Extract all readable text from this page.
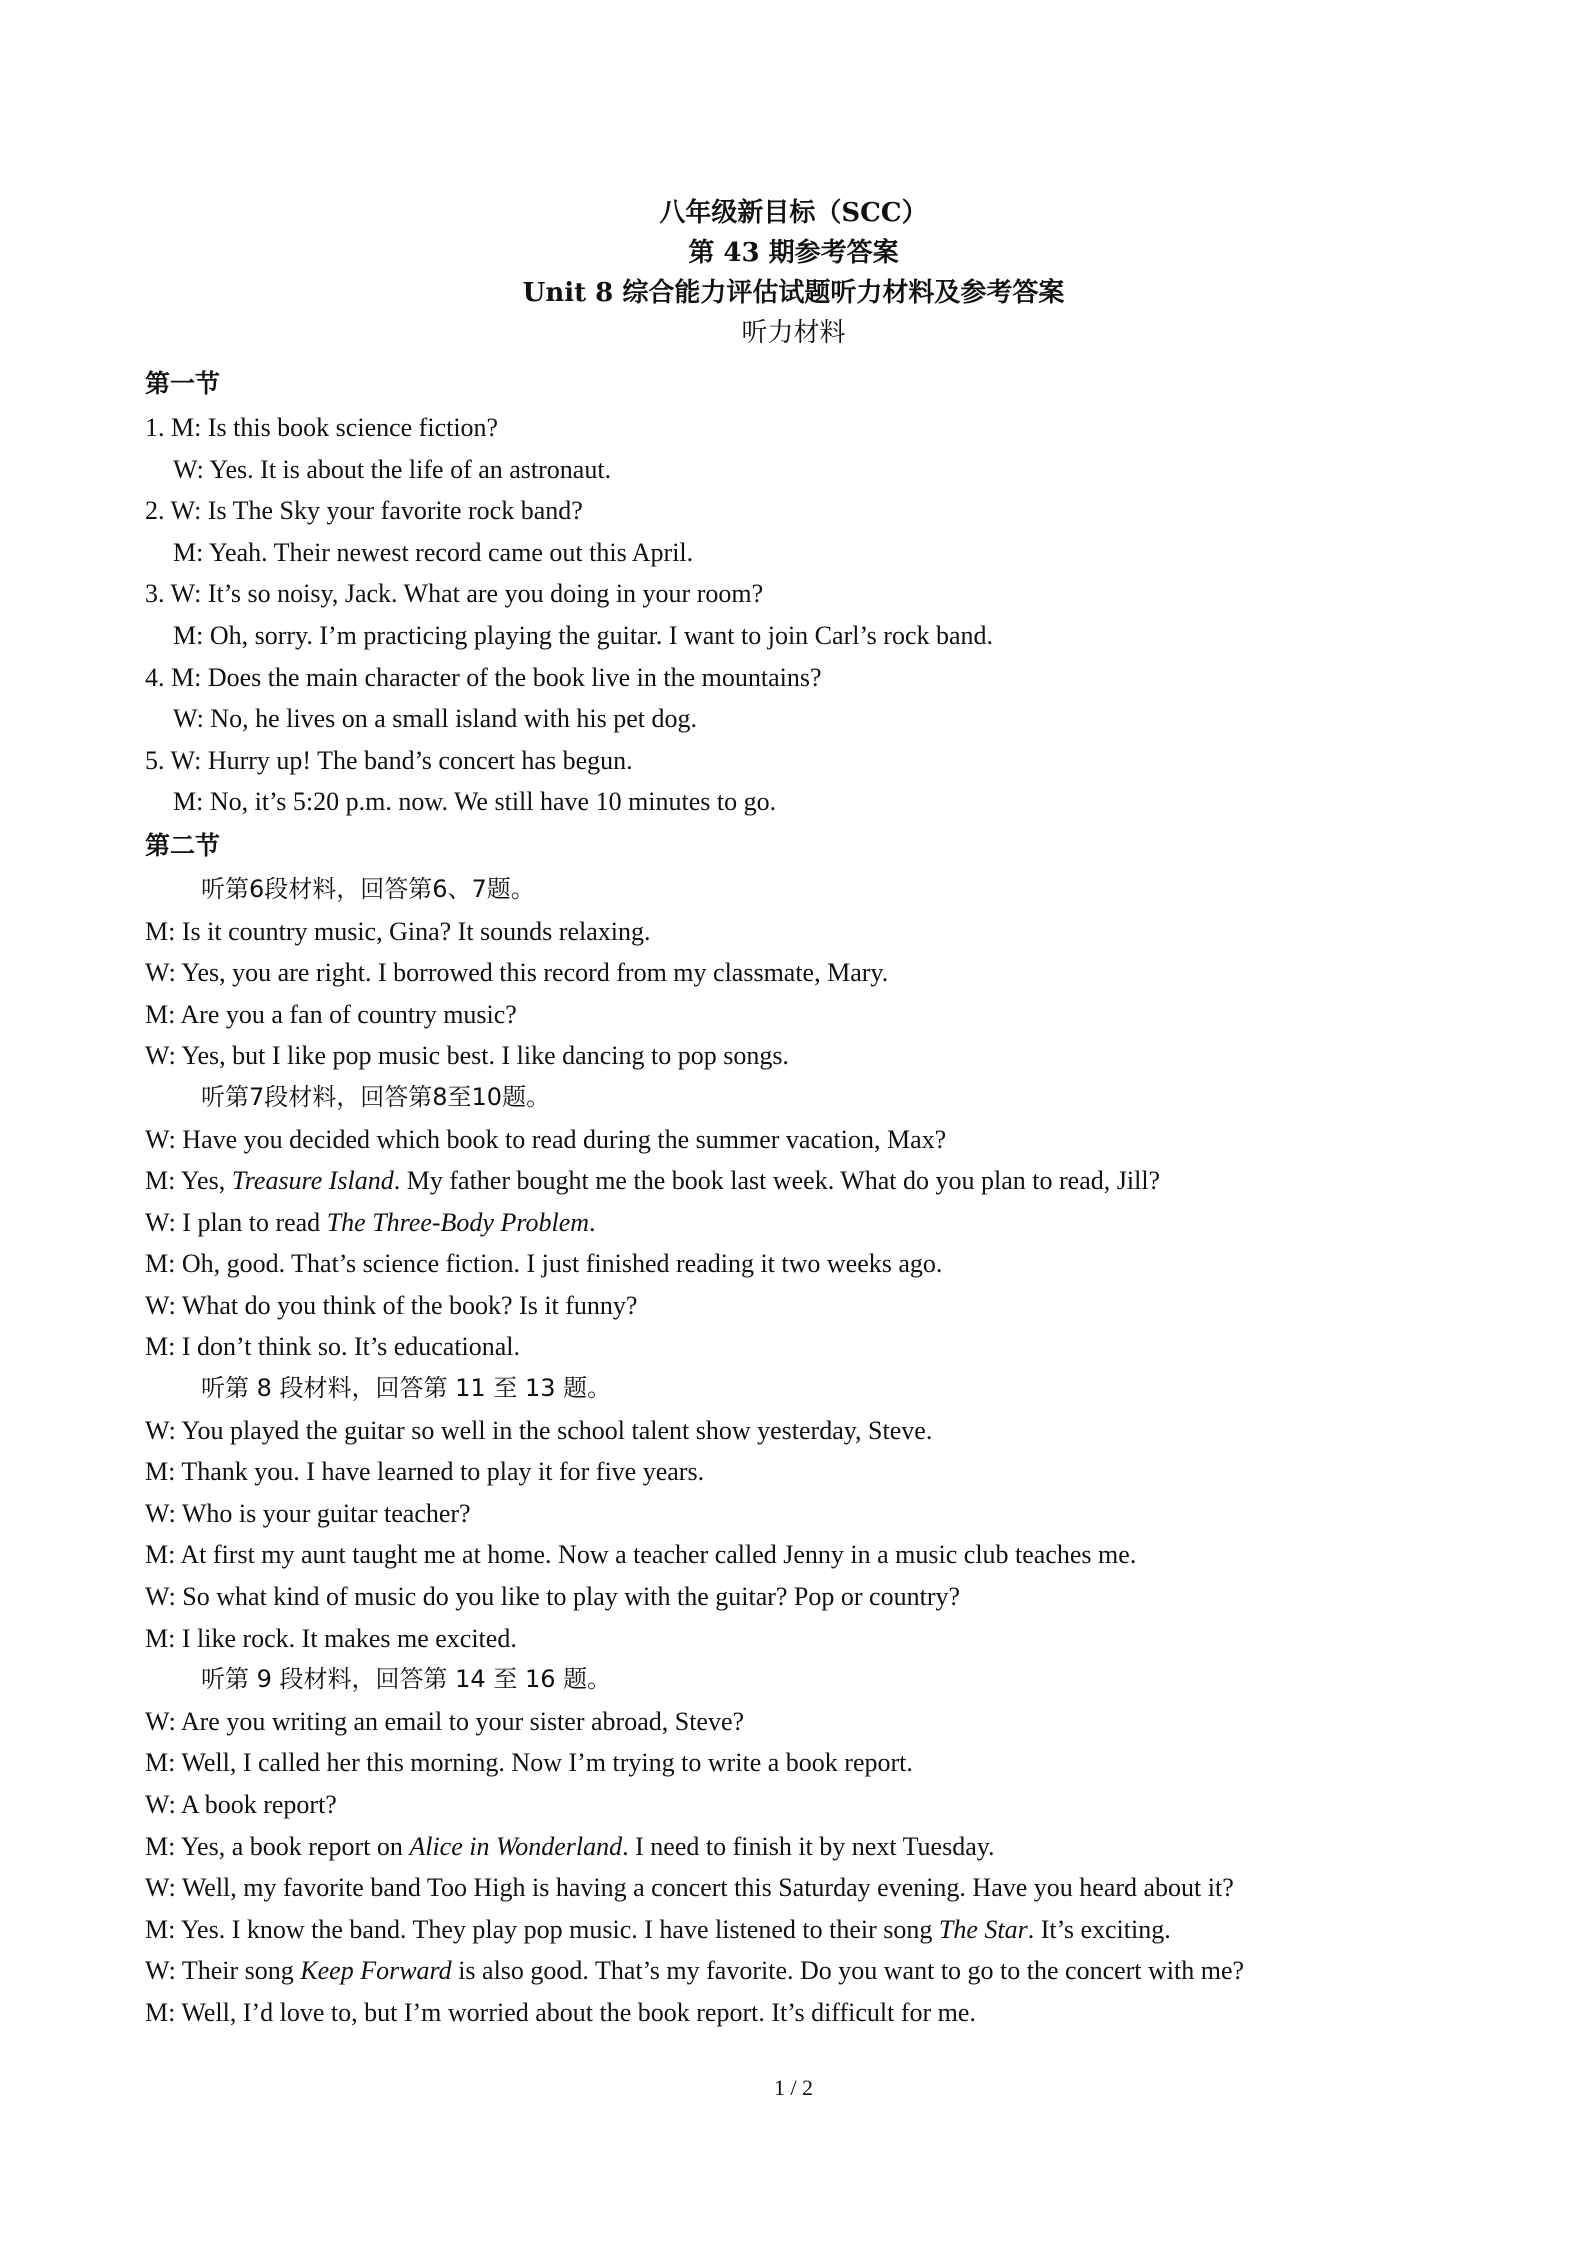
八年级新目标（SCC）
第 43 期参考答案
Unit 8 综合能力评估试题听力材料及参考答案
听力材料
第一节
1. M: Is this book science fiction?
W: Yes. It is about the life of an astronaut.
2. W: Is The Sky your favorite rock band?
M: Yeah. Their newest record came out this April.
3. W: It’s so noisy, Jack. What are you doing in your room?
M: Oh, sorry. I’m practicing playing the guitar. I want to join Carl’s rock band.
4. M: Does the main character of the book live in the mountains?
W: No, he lives on a small island with his pet dog.
5. W: Hurry up! The band’s concert has begun.
M: No, it’s 5:20 p.m. now. We still have 10 minutes to go.
第二节
听第6段材料，回答第6、7题。
M: Is it country music, Gina? It sounds relaxing.
W: Yes, you are right. I borrowed this record from my classmate, Mary.
M: Are you a fan of country music?
W: Yes, but I like pop music best. I like dancing to pop songs.
听第7段材料，回答第8至10题。
W: Have you decided which book to read during the summer vacation, Max?
M: Yes, Treasure Island. My father bought me the book last week. What do you plan to read, Jill?
W: I plan to read The Three-Body Problem.
M: Oh, good. That’s science fiction. I just finished reading it two weeks ago.
W: What do you think of the book? Is it funny?
M: I don’t think so. It’s educational.
听第 8 段材料，回答第 11 至 13 题。
W: You played the guitar so well in the school talent show yesterday, Steve.
M: Thank you. I have learned to play it for five years.
W: Who is your guitar teacher?
M: At first my aunt taught me at home. Now a teacher called Jenny in a music club teaches me.
W: So what kind of music do you like to play with the guitar? Pop or country?
M: I like rock. It makes me excited.
听第 9 段材料，回答第 14 至 16 题。
W: Are you writing an email to your sister abroad, Steve?
M: Well, I called her this morning. Now I’m trying to write a book report.
W: A book report?
M: Yes, a book report on Alice in Wonderland. I need to finish it by next Tuesday.
W: Well, my favorite band Too High is having a concert this Saturday evening. Have you heard about it?
M: Yes. I know the band. They play pop music. I have listened to their song The Star. It’s exciting.
W: Their song Keep Forward is also good. That’s my favorite. Do you want to go to the concert with me?
M: Well, I’d love to, but I’m worried about the book report. It’s difficult for me.
1 / 2
